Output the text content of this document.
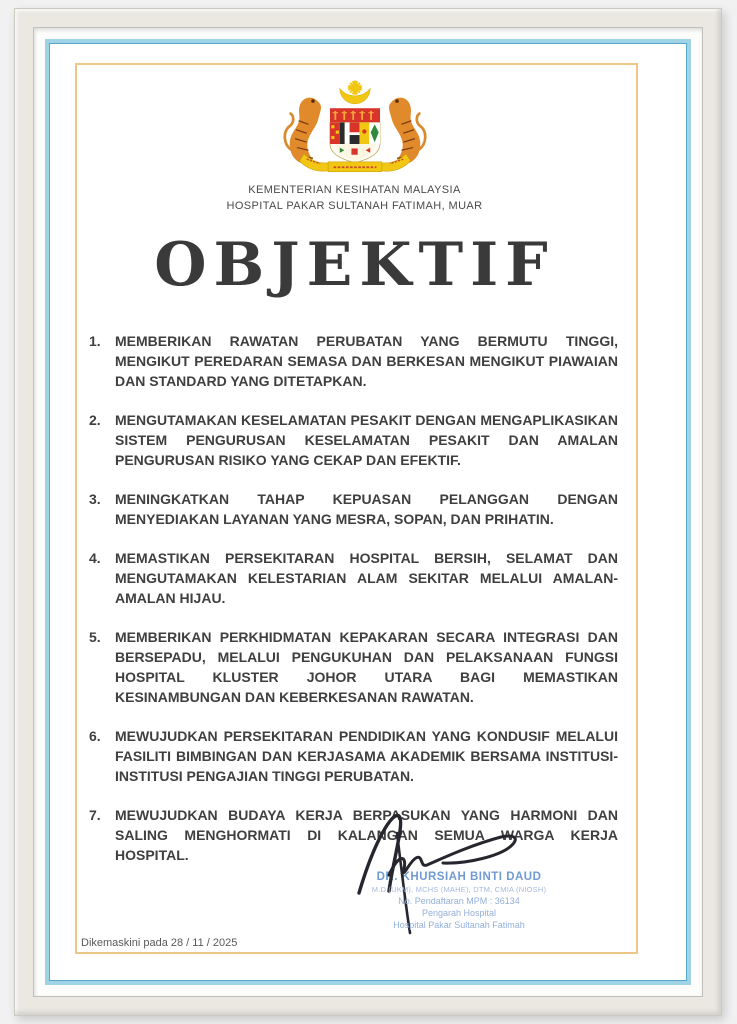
KEMENTERIAN KESIHATAN MALAYSIA
HOSPITAL PAKAR SULTANAH FATIMAH, MUAR
OBJEKTIF
1.	MEMBERIKAN RAWATAN PERUBATAN YANG BERMUTU TINGGI, MENGIKUT PEREDARAN SEMASA DAN BERKESAN MENGIKUT PIAWAIAN DAN STANDARD YANG DITETAPKAN.
2.	MENGUTAMAKAN KESELAMATAN PESAKIT DENGAN MENGAPLIKASIKAN SISTEM PENGURUSAN KESELAMATAN PESAKIT DAN AMALAN PENGURUSAN RISIKO YANG CEKAP DAN EFEKTIF.
3.	MENINGKATKAN TAHAP KEPUASAN PELANGGAN DENGAN MENYEDIAKAN LAYANAN YANG MESRA, SOPAN, DAN PRIHATIN.
4.	MEMASTIKAN PERSEKITARAN HOSPITAL BERSIH, SELAMAT DAN MENGUTAMAKAN KELESTARIAN ALAM SEKITAR MELALUI AMALAN-AMALAN HIJAU.
5.	MEMBERIKAN PERKHIDMATAN KEPAKARAN SECARA INTEGRASI DAN BERSEPADU, MELALUI PENGUKUHAN DAN PELAKSANAAN FUNGSI HOSPITAL KLUSTER JOHOR UTARA BAGI MEMASTIKAN KESINAMBUNGAN DAN KEBERKESANAN RAWATAN.
6.	MEWUJUDKAN PERSEKITARAN PENDIDIKAN YANG KONDUSIF MELALUI FASILITI BIMBINGAN DAN KERJASAMA AKADEMIK BERSAMA INSTITUSI-INSTITUSI PENGAJIAN TINGGI PERUBATAN.
7.	MEWUJUDKAN BUDAYA KERJA BERPASUKAN YANG HARMONI DAN SALING MENGHORMATI DI KALANGAN SEMUA WARGA KERJA HOSPITAL.
DR. KHURSIAH BINTI DAUD
M.D (UKM), MCHS (MAHE), DTM, CMIA (NIOSH)
No. Pendaftaran MPM : 36134
Pengarah Hospital
Hospital Pakar Sultanah Fatimah
Dikemaskini pada 28 / 11 / 2025
